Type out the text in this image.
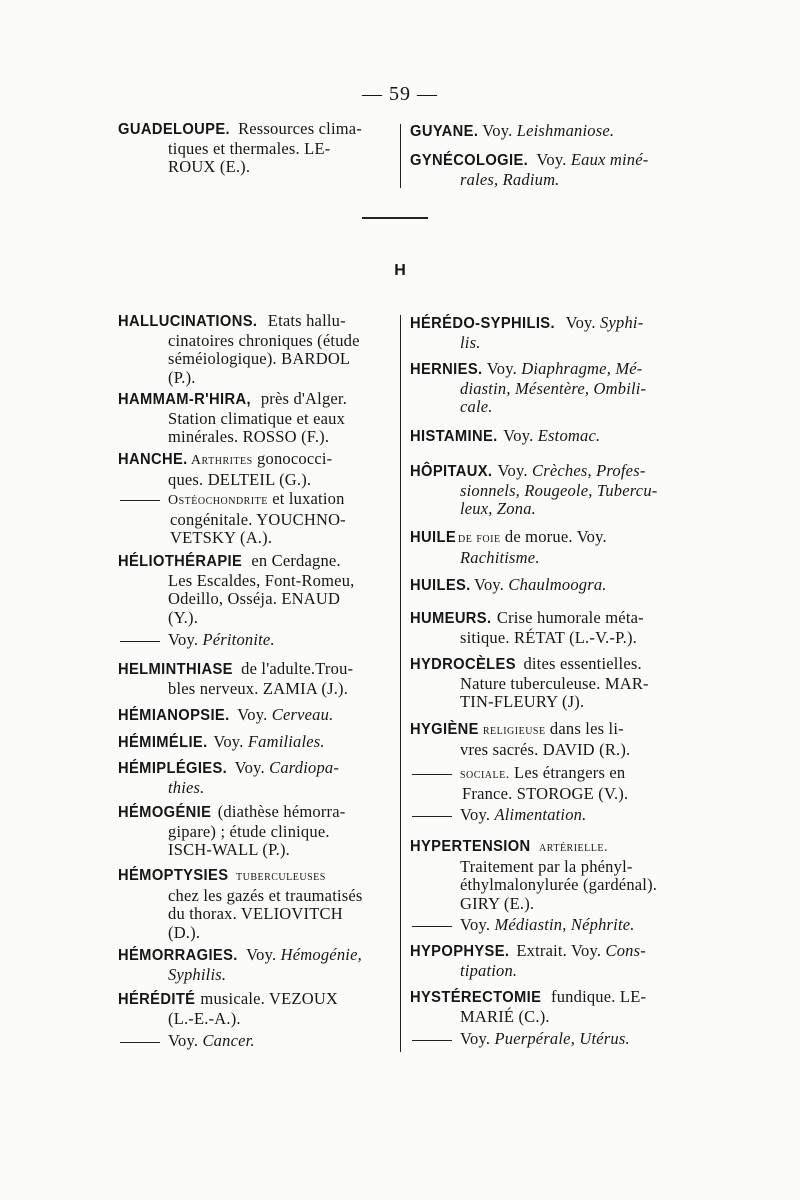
— 59 —
GUADELOUPE. Ressources clima-
tiques et thermales. LE-
ROUX (E.).
GUYANE. Voy. Leishmaniose.
GYNÉCOLOGIE. Voy. Eaux miné-
rales, Radium.
H
HALLUCINATIONS. Etats hallu-
cinatoires chroniques (étude
séméiologique). BARDOL
(P.).
HAMMAM-R'HIRA, près d'Alger.
Station climatique et eaux
minérales. ROSSO (F.).
HANCHE. Arthrites gonococci-
ques. DELTEIL (G.).
Ostéochondrite et luxation
congénitale. YOUCHNO-
VETSKY (A.).
HÉLIOTHÉRAPIE en Cerdagne.
Les Escaldes, Font-Romeu,
Odeillo, Osséja. ENAUD
(Y.).
Voy. Péritonite.
HELMINTHIASE de l'adulte.Trou-
bles nerveux. ZAMIA (J.).
HÉMIANOPSIE. Voy. Cerveau.
HÉMIMÉLIE. Voy. Familiales.
HÉMIPLÉGIES. Voy. Cardiopa-
thies.
HÉMOGÉNIE (diathèse hémorra-
gipare) ; étude clinique.
ISCH-WALL (P.).
HÉMOPTYSIES tuberculeuses
chez les gazés et traumatisés
du thorax. VELIOVITCH
(D.).
HÉMORRAGIES. Voy. Hémogénie,
Syphilis.
HÉRÉDITÉ musicale. VEZOUX
(L.-E.-A.).
Voy. Cancer.
HÉRÉDO-SYPHILIS. Voy. Syphi-
lis.
HERNIES. Voy. Diaphragme, Mé-
diastin, Mésentère, Ombili-
cale.
HISTAMINE. Voy. Estomac.
HÔPITAUX. Voy. Crèches, Profes-
sionnels, Rougeole, Tubercu-
leux, Zona.
HUILE de foie de morue. Voy.
Rachitisme.
HUILES. Voy. Chaulmoogra.
HUMEURS. Crise humorale méta-
sitique. RÉTAT (L.-V.-P.).
HYDROCÈLES dites essentielles.
Nature tuberculeuse. MAR-
TIN-FLEURY (J).
HYGIÈNE religieuse dans les li-
vres sacrés. DAVID (R.).
sociale. Les étrangers en
France. STOROGE (V.).
Voy. Alimentation.
HYPERTENSION artérielle.
Traitement par la phényl-
éthylmalonylurée (gardénal).
GIRY (E.).
Voy. Médiastin, Néphrite.
HYPOPHYSE. Extrait. Voy. Cons-
tipation.
HYSTÉRECTOMIE fundique. LE-
MARIÉ (C.).
Voy. Puerpérale, Utérus.
